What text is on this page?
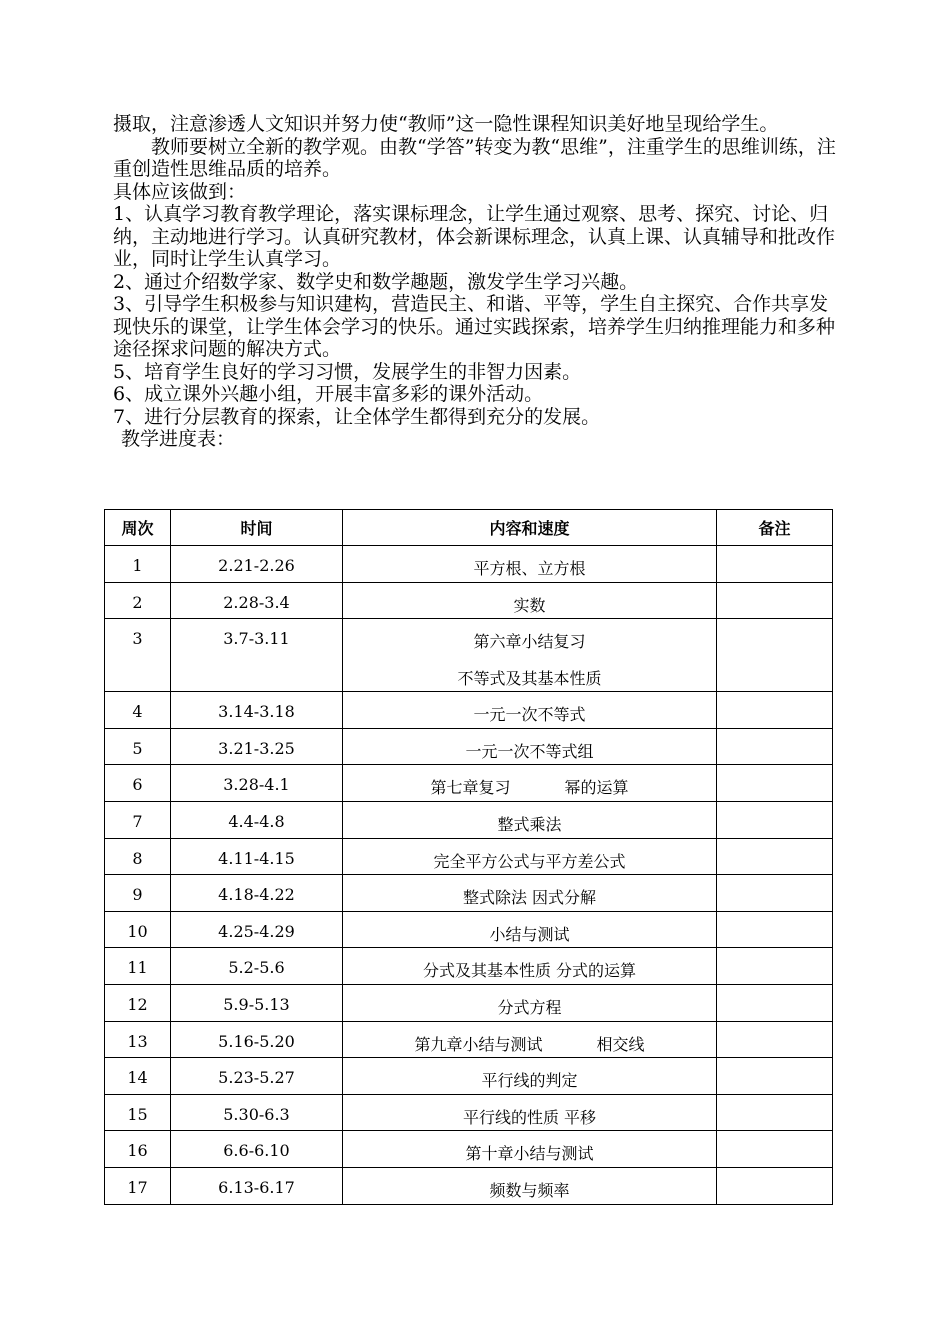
摄取，注意渗透人文知识并努力使“教师”这一隐性课程知识美好地呈现给学生。

教师要树立全新的教学观。由教“学答”转变为教“思维”，注重学生的思维训练，注重创造性思维品质的培养。

具体应该做到：

1、认真学习教育教学理论，落实课标理念，让学生通过观察、思考、探究、讨论、归纳，主动地进行学习。认真研究教材，体会新课标理念，认真上课、认真辅导和批改作业，同时让学生认真学习。

2、通过介绍数学家、数学史和数学趣题，激发学生学习兴趣。

3、引导学生积极参与知识建构，营造民主、和谐、平等，学生自主探究、合作共享发现快乐的课堂，让学生体会学习的快乐。通过实践探索，培养学生归纳推理能力和多种途径探求问题的解决方式。

5、培育学生良好的学习习惯，发展学生的非智力因素。

6、成立课外兴趣小组，开展丰富多彩的课外活动。

7、进行分层教育的探索，让全体学生都得到充分的发展。

教学进度表：

周次	时间	内容和速度	备注
1	2.21-2.26	平方根、立方根	
2	2.28-3.4	实数	
3	3.7-3.11	第六章小结复习
不等式及其基本性质	

4	3.14-3.18	一元一次不等式	
5	3.21-3.25	一元一次不等式组	
6	3.28-4.1	第七章复习 幂的运算	
7	4.4-4.8	整式乘法	
8	4.11-4.15	完全平方公式与平方差公式	
9	4.18-4.22	整式除法 因式分解	
10	4.25-4.29	小结与测试	
11	5.2-5.6	分式及其基本性质 分式的运算	
12	5.9-5.13	分式方程	
13	5.16-5.20	第九章小结与测试 相交线	
14	5.23-5.27	平行线的判定	
15	5.30-6.3	平行线的性质 平移	
16	6.6-6.10	第十章小结与测试	
17	6.13-6.17	频数与频率	
